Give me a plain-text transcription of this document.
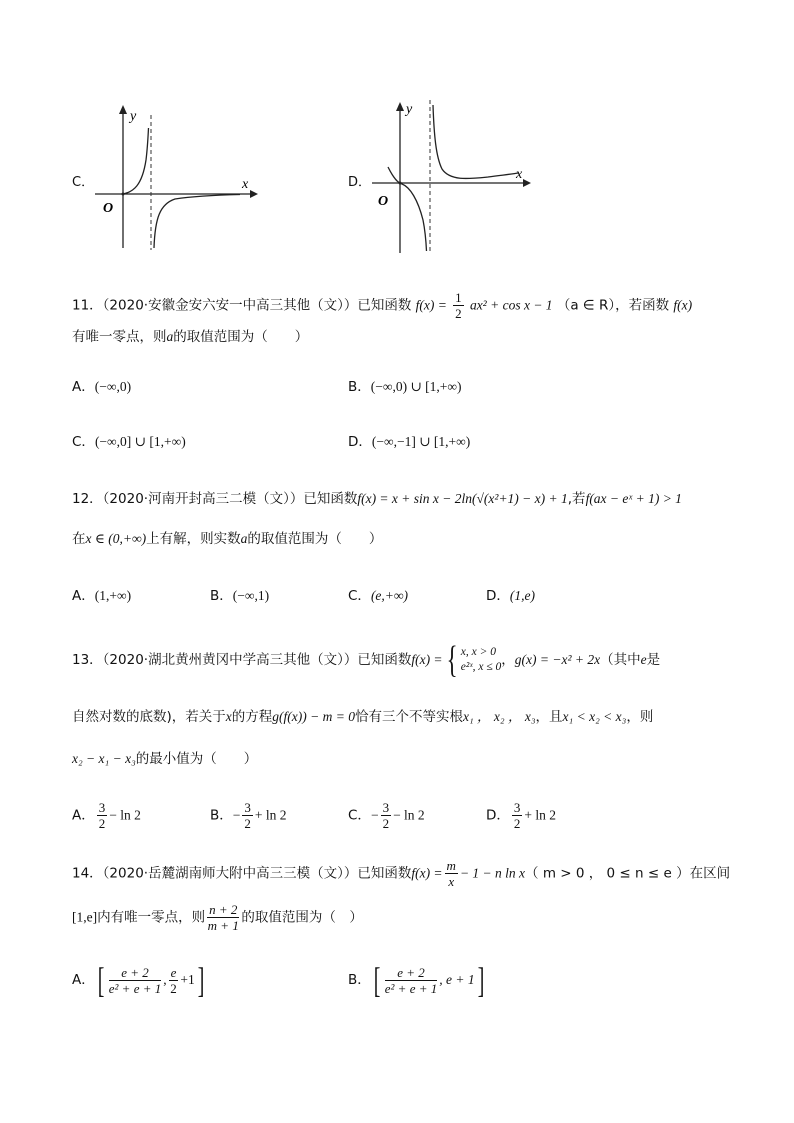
C．
y
x
O
D．
y
x
O
11．（2020·安徽金安六安一中高三其他（文））已知函数 $f(x) = \frac{1}{2} ax^2 + \cos x - 1$ （a ∈ R），若函数 f(x)
有唯一零点，则a的取值范围为（　　）
A．(−∞,0)	B．(−∞,0) ∪ [1,+∞)
C．(−∞,0] ∪ [1,+∞)	D．(−∞,−1] ∪ [1,+∞)
12．（2020·河南开封高三二模（文））已知函数f(x) = x + sin x − 2ln(√(x²+1) − x) + 1,若f(ax − eˣ + 1) > 1
在x ∈ (0,+∞)上有解，则实数a的取值范围为（　　）
A．(1,+∞)	B．(−∞,1)	C．(e,+∞)	D．(1,e)
13．（2020·湖北黄州黄冈中学高三其他（文））已知函数 f(x) = { x, x > 0
e²ˣ, x ≤ 0 ， g(x) = −x² + 2x （其中 e 是
自然对数的底数)，若关于x的方程g(f(x)) − m = 0恰有三个不等实根x₁ ， x₂ ， x₃，且x₁ < x₂ < x₃，则
x₂ − x₁ − x₃的最小值为（　　）
A． $\frac{3}{2} - \ln 2$	B．− $\frac{3}{2} + \ln 2$	C．− $\frac{3}{2} - \ln 2$	D． $\frac{3}{2} + \ln 2$
14．（2020·岳麓湖南师大附中高三三模（文））已知函数$f(x) = \frac{m}{x} - 1 - n$ ln x（ m > 0 ， 0 ≤ n ≤ e ）在区间
[1,e]内有唯一零点，则 $\frac{n + 2}{m + 1}$ 的取值范围为（　）
A． [ $\frac{e + 2}{\text{e² + e + 1}}$ , $\frac{e}{2} +1$ ]	B． [ $\frac{e + 2}{\text{e² + e + 1}}$ , e + 1 ]
